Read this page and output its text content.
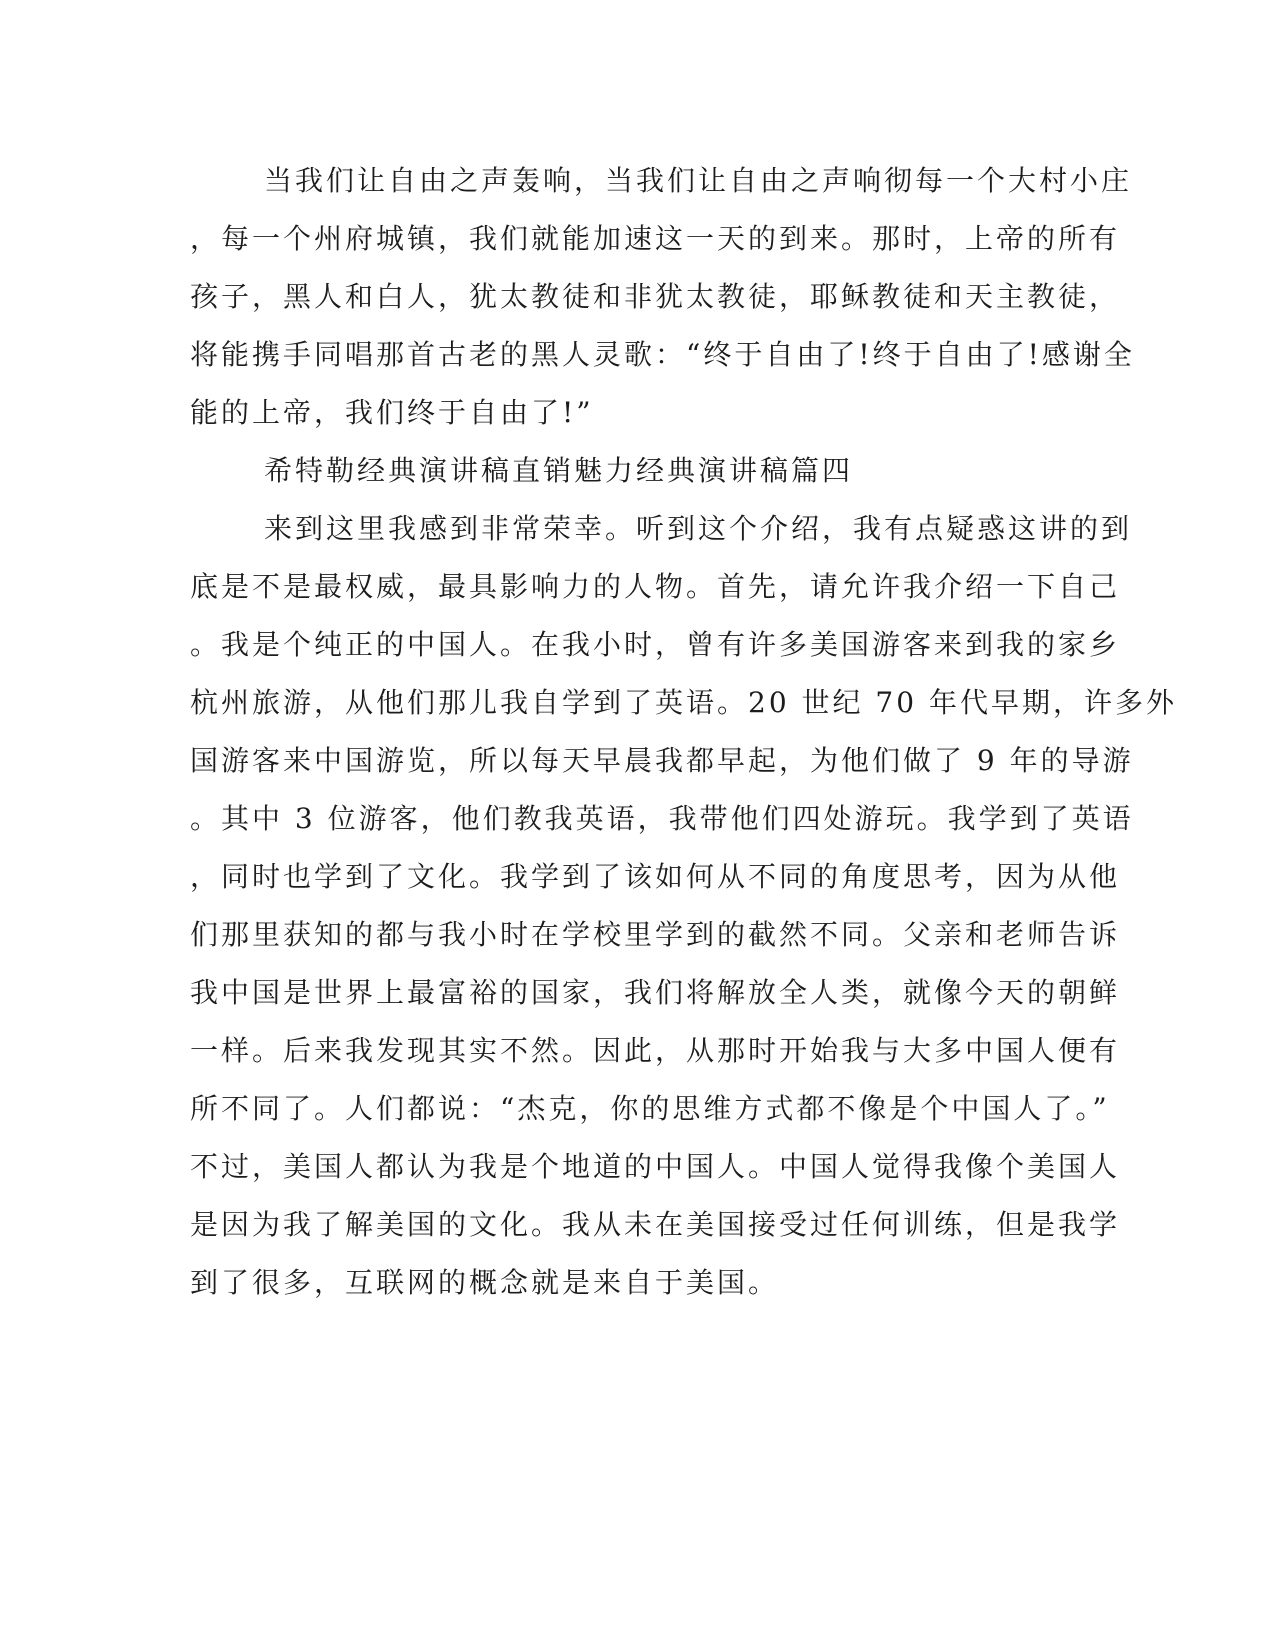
当我们让自由之声轰响，当我们让自由之声响彻每一个大村小庄
，每一个州府城镇，我们就能加速这一天的到来。那时，上帝的所有
孩子，黑人和白人，犹太教徒和非犹太教徒，耶稣教徒和天主教徒，
将能携手同唱那首古老的黑人灵歌：“终于自由了!终于自由了!感谢全
能的上帝，我们终于自由了!”
希特勒经典演讲稿直销魅力经典演讲稿篇四
来到这里我感到非常荣幸。听到这个介绍，我有点疑惑这讲的到
底是不是最权威，最具影响力的人物。首先，请允许我介绍一下自己
。我是个纯正的中国人。在我小时，曾有许多美国游客来到我的家乡
杭州旅游，从他们那儿我自学到了英语。20 世纪 70 年代早期，许多外
国游客来中国游览，所以每天早晨我都早起，为他们做了 9 年的导游
。其中 3 位游客，他们教我英语，我带他们四处游玩。我学到了英语
，同时也学到了文化。我学到了该如何从不同的角度思考，因为从他
们那里获知的都与我小时在学校里学到的截然不同。父亲和老师告诉
我中国是世界上最富裕的国家，我们将解放全人类，就像今天的朝鲜
一样。后来我发现其实不然。因此，从那时开始我与大多中国人便有
所不同了。人们都说：“杰克，你的思维方式都不像是个中国人了。”
不过，美国人都认为我是个地道的中国人。中国人觉得我像个美国人
是因为我了解美国的文化。我从未在美国接受过任何训练，但是我学
到了很多，互联网的概念就是来自于美国。
